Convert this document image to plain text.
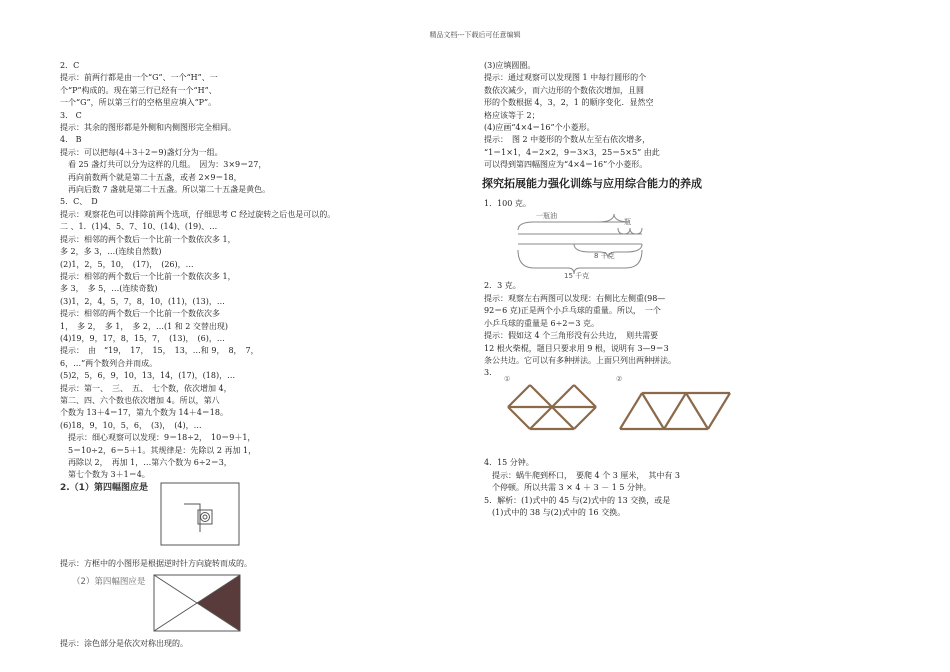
精品文档---下载后可任意编辑
2．C
提示：前两行都是由一个“G”、一个“H”、一
个“P”构成的。现在第三行已经有一个“H”、
一个“G”，所以第三行的空格里应填入“P”。
3.　C
提示：其余的图形都是外侧和内侧图形完全相同。
4.　B
提示：可以把每(4＋3＋2＝9)盏灯分为一组。
　看 25 盏灯共可以分为这样的几组。　因为：3×9＝27，
　再向前数两个就是第二十五盏，或者 2×9＝18，
　再向后数 7 盏就是第二十五盏。所以第二十五盏是黄色。
5．C、　D
提示：观察花色可以排除前两个选项，仔细思考 C 经过旋转之后也是可以的。
二 、1．(1)4、5、7、10、(14)、(19)、…
提示：相邻的两个数后一个比前一个数依次多 1，
多 2，多 3，…(连续自然数)
(2)1，2，5，10，　(17)，　(26)，…
提示：相邻的两个数后一个比前一个数依次多 1，
多 3，　多 5，…(连续奇数)
(3)1，2，4，5，7，8，10，(11)，(13)，…
提示：相邻的两个数后一个比前一个数依次多
1，　多 2，　多 1，　多 2，…(1 和 2 交替出现)
(4)19，9，17，8，15，7，　(13)，　(6)，…
提示：　由　“19，　17，　15，　13，…和 9，　8，　7，
6，…”两个数列合并而成。
(5)2，5，6，9，10，13，14，(17)，(18)，…
提示：第一、　三、　五、　七个数，依次增加 4，
第二、四、六个数也依次增加 4。所以，第八
个数为 13＋4＝17，第九个数为 14＋4＝18。
(6)18，9，10，5，6，　(3)，　(4)，…
　提示：细心观察可以发现：9＝18÷2，　10＝9＋1，
　5＝10÷2，6＝5＋1。其规律是：先除以 2 再加 1，
　再除以 2，　再加 1，…第六个数为 6÷2＝3，
　第七个数为 3＋1＝4。
2.（1）第四幅图应是
提示：方框中的小图形是根据逆时针方向旋转而成的。
（2）第四幅图应是
提示：涂色部分是依次对称出现的。
(3)应填圆圈。
提示：通过观察可以发现图 1 中每行圆形的个
数依次减少，而六边形的个数依次增加，且圆
形的个数根据 4，3，2，1 的顺序变化．显然空
格应该等于 2；
(4)应画“4×4＝16”个小菱形。
提示：　图 2 中菱形的个数从左至右依次增多，
“1＝1×1，4＝2×2，9＝3×3，25＝5×5” 由此
可以得到第四幅图应为“4×4＝16”个小菱形。
探究拓展能力强化训练与应用综合能力的养成
1．100 克。
一瓶油
瓶
8 千克
15 千克
2．3 克。
提示：观察左右两图可以发现：右侧比左侧重(98—
92＝6 克)正是两个小乒乓球的重量。所以，　一个
小乒乓球的重量是 6÷2＝3 克。
提示：假如这 4 个三角形没有公共边，　则共需要
12 根火柴棍，题目只要求用 9 根，说明有 3—9＝3
条公共边。它可以有多种拼法。上面只列出两种拼法。
3．
①	②
4．15 分钟。
　提示：蜗牛爬到杯口，　要爬 4 个 3 厘米，　其中有 3
　个停顿。所以共需 3 × 4 ＋ 3 － 1 5 分钟。
5．解析：(1)式中的 45 与(2)式中的 13 交换，或是
　(1)式中的 38 与(2)式中的 16 交换。
